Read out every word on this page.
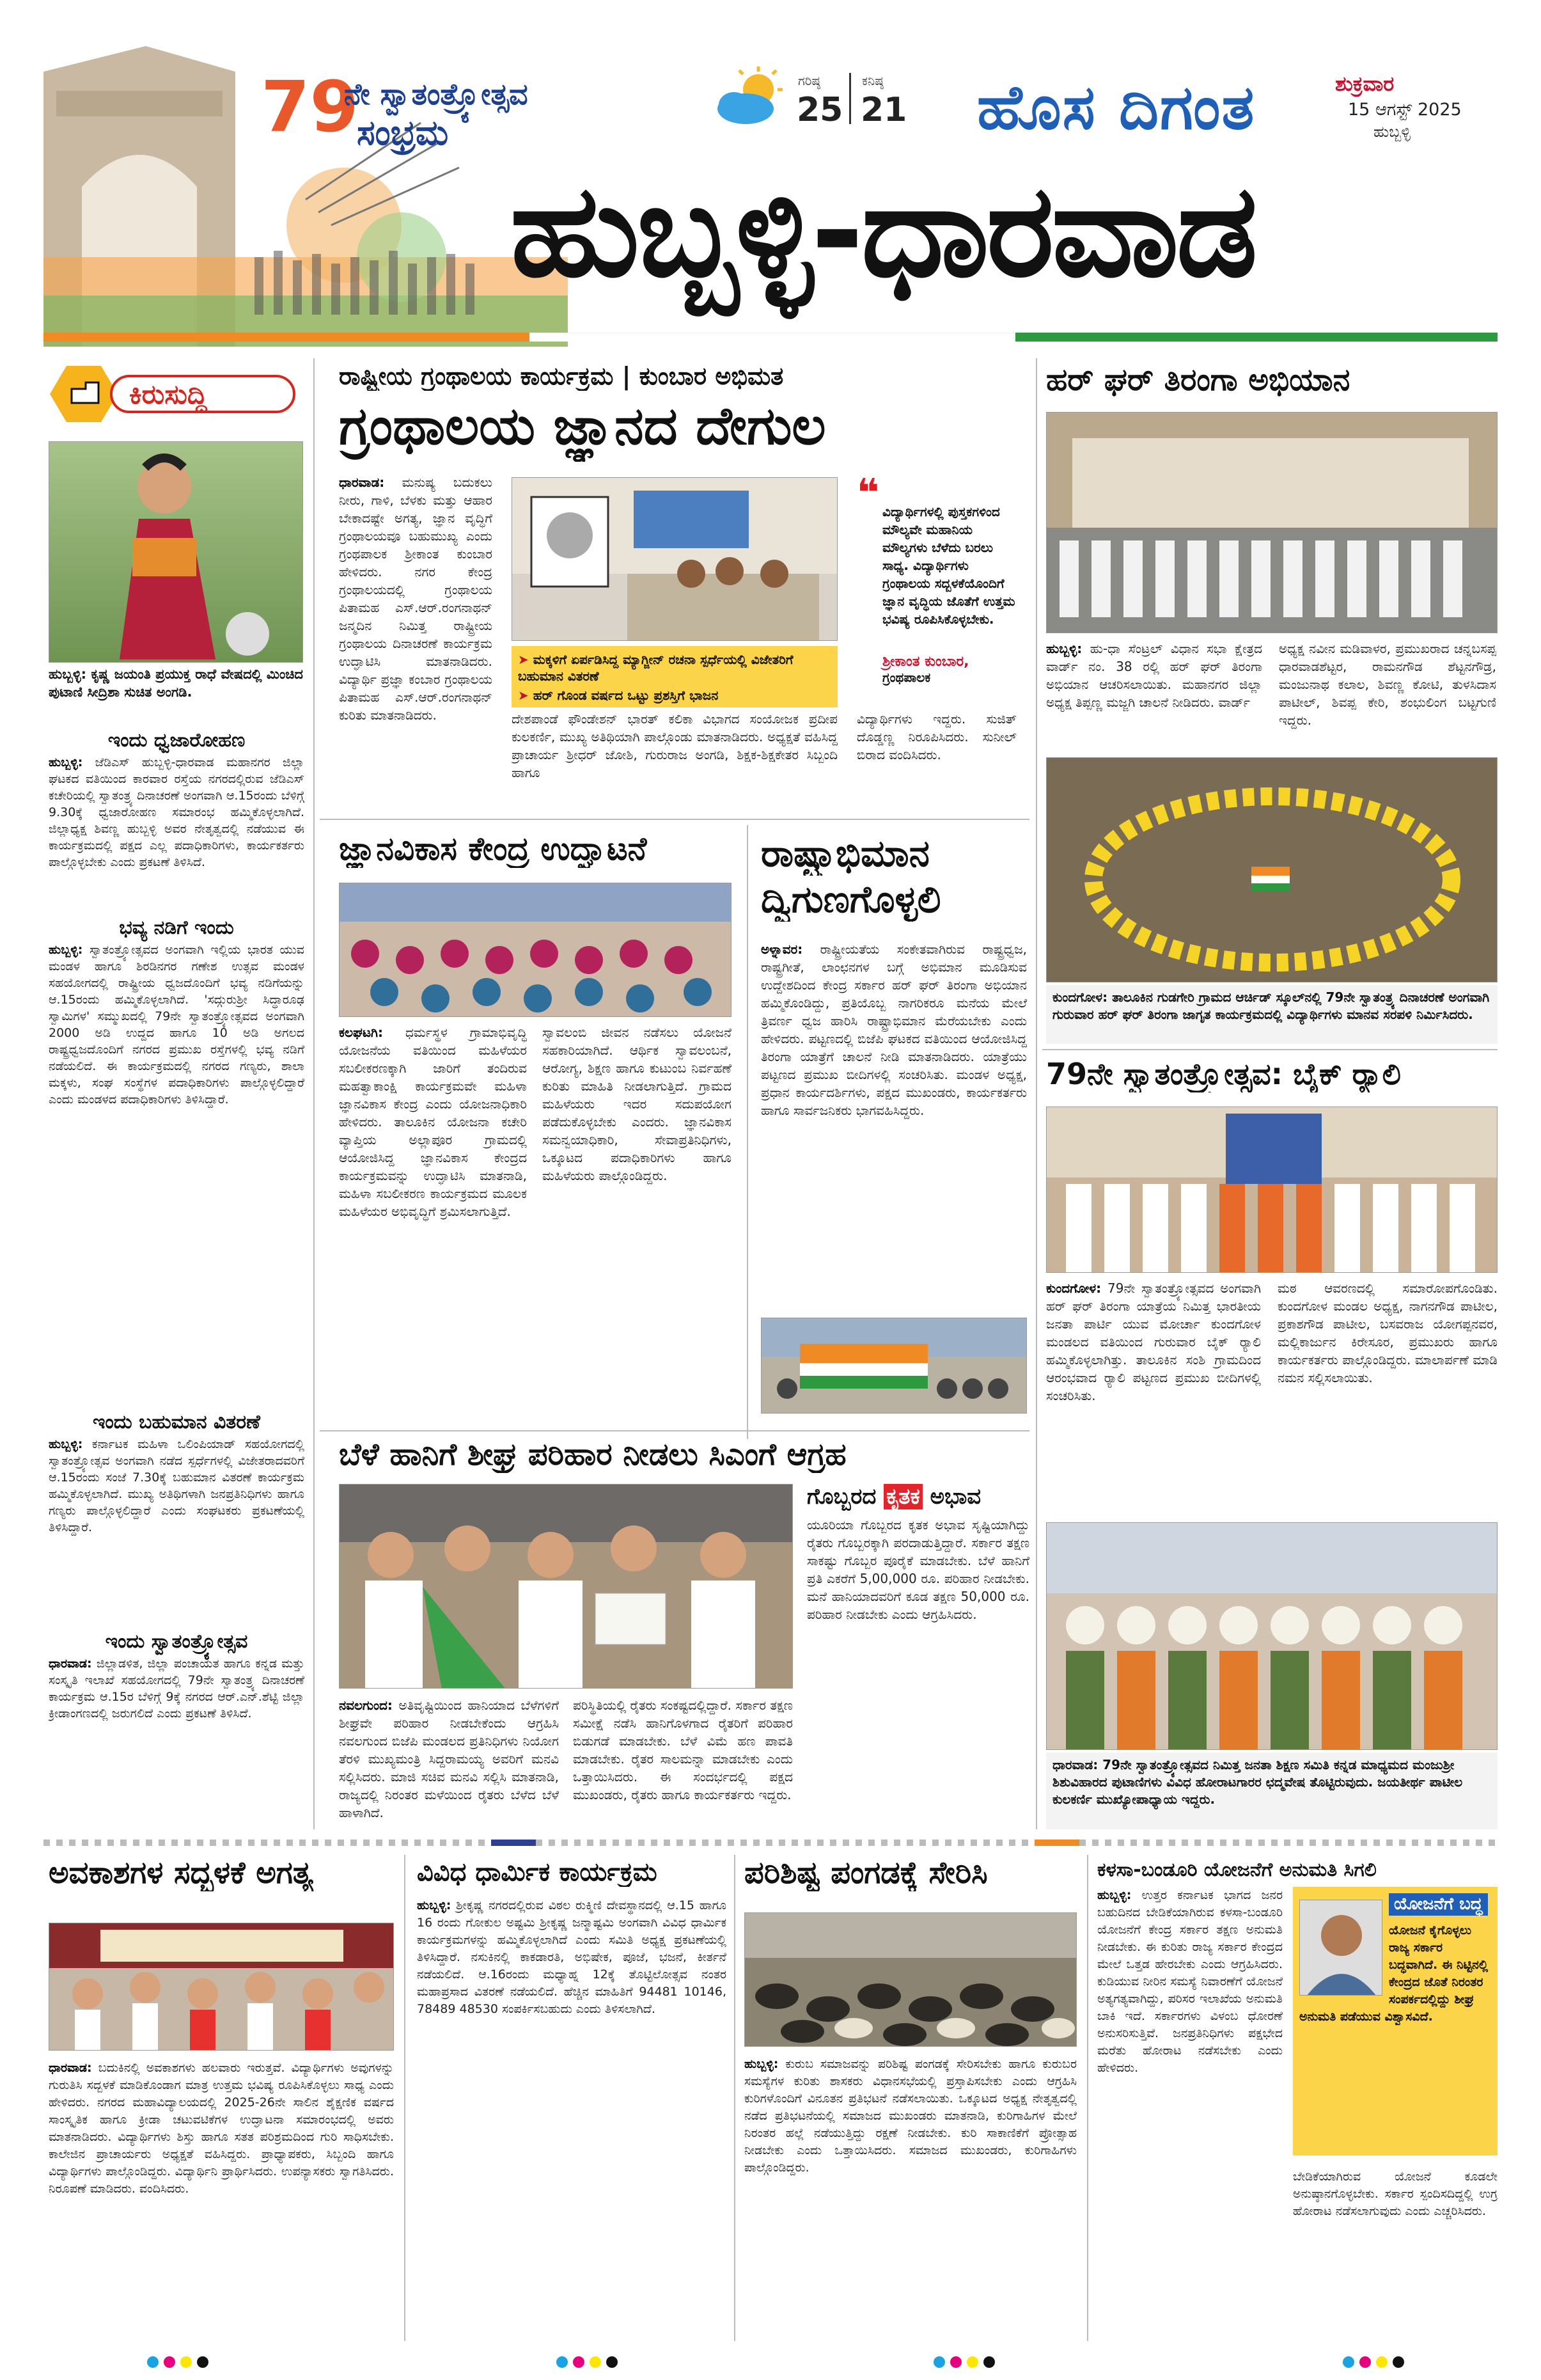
79
ನೇ ಸ್ವಾತಂತ್ರ್ಯೋತ್ಸವ
ಸಂಭ್ರಮ
ಗರಿಷ್ಠ
25
ಕನಿಷ್ಠ
21 ಹೊಸ ದಿಗಂತ	ಶುಕ್ರವಾರ
15 ಆಗಸ್ಟ್ 2025
ಹುಬ್ಬಳ್ಳಿ
ಹುಬ್ಬಳ್ಳಿ-ಧಾರವಾಡ
ಕಿರುಸುದ್ದಿ
ಹುಬ್ಬಳ್ಳಿ: ಕೃಷ್ಣ ಜಯಂತಿ ಪ್ರಯುಕ್ತ ರಾಧೆ ವೇಷದಲ್ಲಿ ಮಿಂಚಿದ ಪುಟಾಣಿ ಸೀದ್ರಿಶಾ ಸುಚಿತ ಅಂಗಡಿ.
ಇಂದು ಧ್ವಜಾರೋಹಣ
ಹುಬ್ಬಳ್ಳಿ: ಜೆಡಿಎಸ್ ಹುಬ್ಬಳ್ಳಿ-ಧಾರವಾಡ ಮಹಾನಗರ ಜಿಲ್ಲಾ ಘಟಕದ ವತಿಯಿಂದ ಕಾರವಾರ ರಸ್ತೆಯ ನಗರದಲ್ಲಿರುವ ಜೆಡಿಎಸ್ ಕಚೇರಿಯಲ್ಲಿ ಸ್ವಾತಂತ್ರ್ಯ ದಿನಾಚರಣೆ ಅಂಗವಾಗಿ ಆ.15ರಂದು ಬೆಳಿಗ್ಗೆ 9.30ಕ್ಕೆ ಧ್ವಜಾರೋಹಣ ಸಮಾರಂಭ ಹಮ್ಮಿಕೊಳ್ಳಲಾಗಿದೆ. ಜಿಲ್ಲಾಧ್ಯಕ್ಷ ಶಿವಣ್ಣ ಹುಬ್ಬಳ್ಳಿ ಅವರ ನೇತೃತ್ವದಲ್ಲಿ ನಡೆಯುವ ಈ ಕಾರ್ಯಕ್ರಮದಲ್ಲಿ ಪಕ್ಷದ ಎಲ್ಲ ಪದಾಧಿಕಾರಿಗಳು, ಕಾರ್ಯಕರ್ತರು ಪಾಲ್ಗೊಳ್ಳಬೇಕು ಎಂದು ಪ್ರಕಟಣೆ ತಿಳಿಸಿದೆ.
ಭವ್ಯ ನಡಿಗೆ ಇಂದು
ಹುಬ್ಬಳ್ಳಿ: ಸ್ವಾತಂತ್ರ್ಯೋತ್ಸವದ ಅಂಗವಾಗಿ ಇಲ್ಲಿಯ ಭಾರತ ಯುವ ಮಂಡಳ ಹಾಗೂ ಶಿರಡಿನಗರ ಗಣೇಶ ಉತ್ಸವ ಮಂಡಳ ಸಹಯೋಗದಲ್ಲಿ ರಾಷ್ಟ್ರೀಯ ಧ್ವಜದೊಂದಿಗೆ ಭವ್ಯ ನಡಿಗೆಯನ್ನು ಆ.15ರಂದು ಹಮ್ಮಿಕೊಳ್ಳಲಾಗಿದೆ. 'ಸದ್ಗುರುಶ್ರೀ ಸಿದ್ಧಾರೂಢ ಸ್ವಾಮಿಗಳ' ಸಮ್ಮುಖದಲ್ಲಿ 79ನೇ ಸ್ವಾತಂತ್ರ್ಯೋತ್ಸವದ ಅಂಗವಾಗಿ 2000 ಅಡಿ ಉದ್ದದ ಹಾಗೂ 10 ಅಡಿ ಅಗಲದ ರಾಷ್ಟ್ರಧ್ವಜದೊಂದಿಗೆ ನಗರದ ಪ್ರಮುಖ ರಸ್ತೆಗಳಲ್ಲಿ ಭವ್ಯ ನಡಿಗೆ ನಡೆಯಲಿದೆ. ಈ ಕಾರ್ಯಕ್ರಮದಲ್ಲಿ ನಗರದ ಗಣ್ಯರು, ಶಾಲಾ ಮಕ್ಕಳು, ಸಂಘ ಸಂಸ್ಥೆಗಳ ಪದಾಧಿಕಾರಿಗಳು ಪಾಲ್ಗೊಳ್ಳಲಿದ್ದಾರೆ ಎಂದು ಮಂಡಳದ ಪದಾಧಿಕಾರಿಗಳು ತಿಳಿಸಿದ್ದಾರೆ.
ಇಂದು ಬಹುಮಾನ ವಿತರಣೆ
ಹುಬ್ಬಳ್ಳಿ: ಕರ್ನಾಟಕ ಮಹಿಳಾ ಒಲಿಂಪಿಯಾಡ್ ಸಹಯೋಗದಲ್ಲಿ ಸ್ವಾತಂತ್ರ್ಯೋತ್ಸವ ಅಂಗವಾಗಿ ನಡೆದ ಸ್ಪರ್ಧೆಗಳಲ್ಲಿ ವಿಜೇತರಾದವರಿಗೆ ಆ.15ರಂದು ಸಂಜೆ 7.30ಕ್ಕೆ ಬಹುಮಾನ ವಿತರಣೆ ಕಾರ್ಯಕ್ರಮ ಹಮ್ಮಿಕೊಳ್ಳಲಾಗಿದೆ. ಮುಖ್ಯ ಅತಿಥಿಗಳಾಗಿ ಜನಪ್ರತಿನಿಧಿಗಳು ಹಾಗೂ ಗಣ್ಯರು ಪಾಲ್ಗೊಳ್ಳಲಿದ್ದಾರೆ ಎಂದು ಸಂಘಟಕರು ಪ್ರಕಟಣೆಯಲ್ಲಿ ತಿಳಿಸಿದ್ದಾರೆ.
ಇಂದು ಸ್ವಾತಂತ್ರ್ಯೋತ್ಸವ
ಧಾರವಾಡ: ಜಿಲ್ಲಾಡಳಿತ, ಜಿಲ್ಲಾ ಪಂಚಾಯತ ಹಾಗೂ ಕನ್ನಡ ಮತ್ತು ಸಂಸ್ಕೃತಿ ಇಲಾಖೆ ಸಹಯೋಗದಲ್ಲಿ 79ನೇ ಸ್ವಾತಂತ್ರ್ಯ ದಿನಾಚರಣೆ ಕಾರ್ಯಕ್ರಮ ಆ.15ರ ಬೆಳಿಗ್ಗೆ 9ಕ್ಕೆ ನಗರದ ಆರ್.ಎನ್.ಶೆಟ್ಟಿ ಜಿಲ್ಲಾ ಕ್ರೀಡಾಂಗಣದಲ್ಲಿ ಜರುಗಲಿದೆ ಎಂದು ಪ್ರಕಟಣೆ ತಿಳಿಸಿದೆ.
ರಾಷ್ಟ್ರೀಯ ಗ್ರಂಥಾಲಯ ಕಾರ್ಯಕ್ರಮ | ಕುಂಬಾರ ಅಭಿಮತ
ಗ್ರಂಥಾಲಯ ಜ್ಞಾನದ ದೇಗುಲ
ಧಾರವಾಡ: ಮನುಷ್ಯ ಬದುಕಲು ನೀರು, ಗಾಳಿ, ಬೆಳಕು ಮತ್ತು ಆಹಾರ ಬೇಕಾದಷ್ಟೇ ಅಗತ್ಯ, ಜ್ಞಾನ ವೃದ್ಧಿಗೆ ಗ್ರಂಥಾಲಯವೂ ಬಹುಮುಖ್ಯ ಎಂದು ಗ್ರಂಥಪಾಲಕ ಶ್ರೀಕಾಂತ ಕುಂಬಾರ ಹೇಳಿದರು. ನಗರ ಕೇಂದ್ರ ಗ್ರಂಥಾಲಯದಲ್ಲಿ ಗ್ರಂಥಾಲಯ ಪಿತಾಮಹ ಎಸ್.ಆರ್.ರಂಗನಾಥನ್ ಜನ್ಮದಿನ ನಿಮಿತ್ತ ರಾಷ್ಟ್ರೀಯ ಗ್ರಂಥಾಲಯ ದಿನಾಚರಣೆ ಕಾರ್ಯಕ್ರಮ ಉದ್ಘಾಟಿಸಿ ಮಾತನಾಡಿದರು. ವಿದ್ಯಾರ್ಥಿ ಪ್ರಜ್ಞಾ ಕಂಬಾರ ಗ್ರಂಥಾಲಯ ಪಿತಾಮಹ ಎಸ್.ಆರ್.ರಂಗನಾಥನ್ ಕುರಿತು ಮಾತನಾಡಿದರು.
➤ ಮಕ್ಕಳಿಗೆ ಏರ್ಪಡಿಸಿದ್ದ ಮ್ಯಾಗ್ಜೀನ್ ರಚನಾ ಸ್ಪರ್ಧೆಯಲ್ಲಿ ವಿಜೇತರಿಗೆ ಬಹುಮಾನ ವಿತರಣೆ
➤ ಹರ್ ಗೊಂಡ ವರ್ಷದ ಒಟ್ಟು ಪ್ರಶಸ್ತಿಗೆ ಭಾಜನ
❝ ವಿದ್ಯಾರ್ಥಿಗಳಲ್ಲಿ ಪುಸ್ತಕಗಳಿಂದ ಮೌಲ್ಯವೇ ಮಹಾನಿಯ ಮೌಲ್ಯಗಳು ಬೆಳೆದು ಬರಲು ಸಾಧ್ಯ. ವಿದ್ಯಾರ್ಥಿಗಳು ಗ್ರಂಥಾಲಯ ಸದ್ಬಳಕೆಯೊಂದಿಗೆ ಜ್ಞಾನ ವೃದ್ಧಿಯ ಜೊತೆಗೆ ಉತ್ತಮ ಭವಿಷ್ಯ ರೂಪಿಸಿಕೊಳ್ಳಬೇಕು.
ಶ್ರೀಕಾಂತ ಕುಂಬಾರ,
ಗ್ರಂಥಪಾಲಕ
ದೇಶಪಾಂಡೆ ಫೌಂಡೇಶನ್ ಭಾರತ್ ಕಲಿಕಾ ವಿಭಾಗದ ಸಂಯೋಜಕ ಪ್ರದೀಪ ಕುಲಕರ್ಣಿ, ಮುಖ್ಯ ಅತಿಥಿಯಾಗಿ ಪಾಲ್ಗೊಂಡು ಮಾತನಾಡಿದರು. ಅಧ್ಯಕ್ಷತೆ ವಹಿಸಿದ್ದ ಪ್ರಾಚಾರ್ಯ ಶ್ರೀಧರ್ ಜೋಶಿ, ಗುರುರಾಜ ಅಂಗಡಿ, ಶಿಕ್ಷಕ-ಶಿಕ್ಷಕೇತರ ಸಿಬ್ಬಂದಿ ಹಾಗೂ
ವಿದ್ಯಾರ್ಥಿಗಳು ಇದ್ದರು. ಸುಜಿತ್ ದೊಡ್ಡಣ್ಣ ನಿರೂಪಿಸಿದರು. ಸುನೀಲ್ ಬಿರಾದ ವಂದಿಸಿದರು.
ಜ್ಞಾನವಿಕಾಸ ಕೇಂದ್ರ ಉದ್ಘಾಟನೆ
ಕಲಘಟಗಿ: ಧರ್ಮಸ್ಥಳ ಗ್ರಾಮಾಭಿವೃದ್ಧಿ ಯೋಜನೆಯ ವತಿಯಿಂದ ಮಹಿಳೆಯರ ಸಬಲೀಕರಣಕ್ಕಾಗಿ ಜಾರಿಗೆ ತಂದಿರುವ ಮಹತ್ವಾಕಾಂಕ್ಷಿ ಕಾರ್ಯಕ್ರಮವೇ ಮಹಿಳಾ ಜ್ಞಾನವಿಕಾಸ ಕೇಂದ್ರ ಎಂದು ಯೋಜನಾಧಿಕಾರಿ ಹೇಳಿದರು. ತಾಲೂಕಿನ ಯೋಜನಾ ಕಚೇರಿ ವ್ಯಾಪ್ತಿಯ ಅಲ್ಲಾಪೂರ ಗ್ರಾಮದಲ್ಲಿ ಆಯೋಜಿಸಿದ್ದ ಜ್ಞಾನವಿಕಾಸ ಕೇಂದ್ರದ ಕಾರ್ಯಕ್ರಮವನ್ನು ಉದ್ಘಾಟಿಸಿ ಮಾತನಾಡಿ, ಮಹಿಳಾ ಸಬಲೀಕರಣ ಕಾರ್ಯಕ್ರಮದ ಮೂಲಕ ಮಹಿಳೆಯರ ಅಭಿವೃದ್ಧಿಗೆ ಶ್ರಮಿಸಲಾಗುತ್ತಿದೆ.
ಸ್ವಾವಲಂಬಿ ಜೀವನ ನಡೆಸಲು ಯೋಜನೆ ಸಹಕಾರಿಯಾಗಿದೆ. ಆರ್ಥಿಕ ಸ್ವಾವಲಂಬನೆ, ಆರೋಗ್ಯ, ಶಿಕ್ಷಣ ಹಾಗೂ ಕುಟುಂಬ ನಿರ್ವಹಣೆ ಕುರಿತು ಮಾಹಿತಿ ನೀಡಲಾಗುತ್ತಿದೆ. ಗ್ರಾಮದ ಮಹಿಳೆಯರು ಇದರ ಸದುಪಯೋಗ ಪಡೆದುಕೊಳ್ಳಬೇಕು ಎಂದರು. ಜ್ಞಾನವಿಕಾಸ ಸಮನ್ವಯಾಧಿಕಾರಿ, ಸೇವಾಪ್ರತಿನಿಧಿಗಳು, ಒಕ್ಕೂಟದ ಪದಾಧಿಕಾರಿಗಳು ಹಾಗೂ ಮಹಿಳೆಯರು ಪಾಲ್ಗೊಂಡಿದ್ದರು.
ರಾಷ್ಟ್ರಾಭಿಮಾನ
ದ್ವಿಗುಣಗೊಳ್ಳಲಿ
ಅಳ್ನಾವರ: ರಾಷ್ಟ್ರೀಯತೆಯ ಸಂಕೇತವಾಗಿರುವ ರಾಷ್ಟ್ರಧ್ವಜ, ರಾಷ್ಟ್ರಗೀತೆ, ಲಾಂಛನಗಳ ಬಗ್ಗೆ ಅಭಿಮಾನ ಮೂಡಿಸುವ ಉದ್ದೇಶದಿಂದ ಕೇಂದ್ರ ಸರ್ಕಾರ ಹರ್ ಘರ್ ತಿರಂಗಾ ಅಭಿಯಾನ ಹಮ್ಮಿಕೊಂಡಿದ್ದು, ಪ್ರತಿಯೊಬ್ಬ ನಾಗರಿಕರೂ ಮನೆಯ ಮೇಲೆ ತ್ರಿವರ್ಣ ಧ್ವಜ ಹಾರಿಸಿ ರಾಷ್ಟ್ರಾಭಿಮಾನ ಮೆರೆಯಬೇಕು ಎಂದು ಹೇಳಿದರು. ಪಟ್ಟಣದಲ್ಲಿ ಬಿಜೆಪಿ ಘಟಕದ ವತಿಯಿಂದ ಆಯೋಜಿಸಿದ್ದ ತಿರಂಗಾ ಯಾತ್ರೆಗೆ ಚಾಲನೆ ನೀಡಿ ಮಾತನಾಡಿದರು. ಯಾತ್ರೆಯು ಪಟ್ಟಣದ ಪ್ರಮುಖ ಬೀದಿಗಳಲ್ಲಿ ಸಂಚರಿಸಿತು. ಮಂಡಳ ಅಧ್ಯಕ್ಷ, ಪ್ರಧಾನ ಕಾರ್ಯದರ್ಶಿಗಳು, ಪಕ್ಷದ ಮುಖಂಡರು, ಕಾರ್ಯಕರ್ತರು ಹಾಗೂ ಸಾರ್ವಜನಿಕರು ಭಾಗವಹಿಸಿದ್ದರು.
ಹರ್ ಘರ್ ತಿರಂಗಾ ಅಭಿಯಾನ
ಹುಬ್ಬಳ್ಳಿ: ಹು-ಧಾ ಸೆಂಟ್ರಲ್ ವಿಧಾನ ಸಭಾ ಕ್ಷೇತ್ರದ ವಾರ್ಡ್ ನಂ. 38 ರಲ್ಲಿ ಹರ್ ಘರ್ ತಿರಂಗಾ ಅಭಿಯಾನ ಆಚರಿಸಲಾಯಿತು. ಮಹಾನಗರ ಜಿಲ್ಲಾ ಅಧ್ಯಕ್ಷ ತಿಪ್ಪಣ್ಣ ಮಜ್ಜಗಿ ಚಾಲನೆ ನೀಡಿದರು. ವಾರ್ಡ್
ಅಧ್ಯಕ್ಷ ನವೀನ ಮಡಿವಾಳರ, ಪ್ರಮುಖರಾದ ಚನ್ನಬಸಪ್ಪ ಧಾರವಾಡಶೆಟ್ಟರ, ರಾಮನಗೌಡ ಶೆಟ್ಟನಗೌಡ್ರ, ಮಂಜುನಾಥ ಕಲಾಲ, ಶಿವಣ್ಣ ಕೋಟಿ, ತುಳಸಿದಾಸ ಪಾಟೀಲ್, ಶಿವಪ್ಪ ಕೇರಿ, ಶಂಭುಲಿಂಗ ಬಟ್ಟಗುಣಿ ಇದ್ದರು.
ಕುಂದಗೋಳ: ತಾಲೂಕಿನ ಗುಡಗೇರಿ ಗ್ರಾಮದ ಆರ್ಚಿಡ್ ಸ್ಕೂಲ್‌ನಲ್ಲಿ 79ನೇ ಸ್ವಾತಂತ್ರ್ಯ ದಿನಾಚರಣೆ ಅಂಗವಾಗಿ ಗುರುವಾರ ಹರ್ ಘರ್ ತಿರಂಗಾ ಜಾಗೃತ ಕಾರ್ಯಕ್ರಮದಲ್ಲಿ ವಿದ್ಯಾರ್ಥಿಗಳು ಮಾನವ ಸರಪಳಿ ನಿರ್ಮಿಸಿದರು.
79ನೇ ಸ್ವಾತಂತ್ರ್ಯೋತ್ಸವ: ಬೈಕ್ ರ‍್ಯಾಲಿ
ಕುಂದಗೋಳ: 79ನೇ ಸ್ವಾತಂತ್ರ್ಯೋತ್ಸವದ ಅಂಗವಾಗಿ ಹರ್ ಘರ್ ತಿರಂಗಾ ಯಾತ್ರೆಯ ನಿಮಿತ್ತ ಭಾರತೀಯ ಜನತಾ ಪಾರ್ಟಿ ಯುವ ಮೋರ್ಚಾ ಕುಂದಗೋಳ ಮಂಡಲದ ವತಿಯಿಂದ ಗುರುವಾರ ಬೈಕ್ ರ‍್ಯಾಲಿ ಹಮ್ಮಿಕೊಳ್ಳಲಾಗಿತ್ತು. ತಾಲೂಕಿನ ಸಂಶಿ ಗ್ರಾಮದಿಂದ ಆರಂಭವಾದ ರ‍್ಯಾಲಿ ಪಟ್ಟಣದ ಪ್ರಮುಖ ಬೀದಿಗಳಲ್ಲಿ ಸಂಚರಿಸಿತು.
ಮಠ ಆವರಣದಲ್ಲಿ ಸಮಾರೋಪಗೊಂಡಿತು. ಕುಂದಗೋಳ ಮಂಡಲ ಅಧ್ಯಕ್ಷ, ನಾಗನಗೌಡ ಪಾಟೀಲ, ಪ್ರಕಾಶಗೌಡ ಪಾಟೀಲ, ಬಸವರಾಜ ಯೋಗಪ್ಪನವರ, ಮಲ್ಲಿಕಾರ್ಜುನ ಕಿರೇಸೂರ, ಪ್ರಮುಖರು ಹಾಗೂ ಕಾರ್ಯಕರ್ತರು ಪಾಲ್ಗೊಂಡಿದ್ದರು. ಮಾಲಾರ್ಪಣೆ ಮಾಡಿ ನಮನ ಸಲ್ಲಿಸಲಾಯಿತು.
ಧಾರವಾಡ: 79ನೇ ಸ್ವಾತಂತ್ರ್ಯೋತ್ಸವದ ನಿಮಿತ್ತ ಜನತಾ ಶಿಕ್ಷಣ ಸಮಿತಿ ಕನ್ನಡ ಮಾಧ್ಯಮದ ಮಂಜುಶ್ರೀ ಶಿಶುವಿಹಾರದ ಪುಟಾಣಿಗಳು ವಿವಿಧ ಹೋರಾಟಗಾರರ ಛದ್ಮವೇಷ ತೊಟ್ಟಿರುವುದು. ಜಯತೀರ್ಥ ಪಾಟೀಲ ಕುಲಕರ್ಣಿ ಮುಖ್ಯೋಪಾಧ್ಯಾಯ ಇದ್ದರು.
ಬೆಳೆ ಹಾನಿಗೆ ಶೀಘ್ರ ಪರಿಹಾರ ನೀಡಲು ಸಿಎಂಗೆ ಆಗ್ರಹ
ಗೊಬ್ಬರದ ಕೃತಕ ಅಭಾವ
ಯೂರಿಯಾ ಗೊಬ್ಬರದ ಕೃತಕ ಅಭಾವ ಸೃಷ್ಟಿಯಾಗಿದ್ದು ರೈತರು ಗೊಬ್ಬರಕ್ಕಾಗಿ ಪರದಾಡುತ್ತಿದ್ದಾರೆ. ಸರ್ಕಾರ ತಕ್ಷಣ ಸಾಕಷ್ಟು ಗೊಬ್ಬರ ಪೂರೈಕೆ ಮಾಡಬೇಕು. ಬೆಳೆ ಹಾನಿಗೆ ಪ್ರತಿ ಎಕರೆಗೆ 5,00,000 ರೂ. ಪರಿಹಾರ ನೀಡಬೇಕು. ಮನೆ ಹಾನಿಯಾದವರಿಗೆ ಕೂಡ ತಕ್ಷಣ 50,000 ರೂ. ಪರಿಹಾರ ನೀಡಬೇಕು ಎಂದು ಆಗ್ರಹಿಸಿದರು.
ನವಲಗುಂದ: ಅತಿವೃಷ್ಟಿಯಿಂದ ಹಾನಿಯಾದ ಬೆಳೆಗಳಿಗೆ ಶೀಘ್ರವೇ ಪರಿಹಾರ ನೀಡಬೇಕೆಂದು ಆಗ್ರಹಿಸಿ ನವಲಗುಂದ ಬಿಜೆಪಿ ಮಂಡಲದ ಪ್ರತಿನಿಧಿಗಳು ನಿಯೋಗ ತೆರಳಿ ಮುಖ್ಯಮಂತ್ರಿ ಸಿದ್ದರಾಮಯ್ಯ ಅವರಿಗೆ ಮನವಿ ಸಲ್ಲಿಸಿದರು. ಮಾಜಿ ಸಚಿವ ಮನವಿ ಸಲ್ಲಿಸಿ ಮಾತನಾಡಿ, ರಾಜ್ಯದಲ್ಲಿ ನಿರಂತರ ಮಳೆಯಿಂದ ರೈತರು ಬೆಳೆದ ಬೆಳೆ ಹಾಳಾಗಿದೆ.
ಪರಿಸ್ಥಿತಿಯಲ್ಲಿ ರೈತರು ಸಂಕಷ್ಟದಲ್ಲಿದ್ದಾರೆ. ಸರ್ಕಾರ ತಕ್ಷಣ ಸಮೀಕ್ಷೆ ನಡೆಸಿ ಹಾನಿಗೊಳಗಾದ ರೈತರಿಗೆ ಪರಿಹಾರ ಬಿಡುಗಡೆ ಮಾಡಬೇಕು. ಬೆಳೆ ವಿಮೆ ಹಣ ಪಾವತಿ ಮಾಡಬೇಕು. ರೈತರ ಸಾಲಮನ್ನಾ ಮಾಡಬೇಕು ಎಂದು ಒತ್ತಾಯಿಸಿದರು. ಈ ಸಂದರ್ಭದಲ್ಲಿ ಪಕ್ಷದ ಮುಖಂಡರು, ರೈತರು ಹಾಗೂ ಕಾರ್ಯಕರ್ತರು ಇದ್ದರು.
ಅವಕಾಶಗಳ ಸದ್ಬಳಕೆ ಅಗತ್ಯ
ಧಾರವಾಡ: ಬದುಕಿನಲ್ಲಿ ಅವಕಾಶಗಳು ಹಲವಾರು ಇರುತ್ತವೆ. ವಿದ್ಯಾರ್ಥಿಗಳು ಅವುಗಳನ್ನು ಗುರುತಿಸಿ ಸದ್ಬಳಕೆ ಮಾಡಿಕೊಂಡಾಗ ಮಾತ್ರ ಉತ್ತಮ ಭವಿಷ್ಯ ರೂಪಿಸಿಕೊಳ್ಳಲು ಸಾಧ್ಯ ಎಂದು ಹೇಳಿದರು. ನಗರದ ಮಹಾವಿದ್ಯಾಲಯದಲ್ಲಿ 2025-26ನೇ ಸಾಲಿನ ಶೈಕ್ಷಣಿಕ ವರ್ಷದ ಸಾಂಸ್ಕೃತಿಕ ಹಾಗೂ ಕ್ರೀಡಾ ಚಟುವಟಿಕೆಗಳ ಉದ್ಘಾಟನಾ ಸಮಾರಂಭದಲ್ಲಿ ಅವರು ಮಾತನಾಡಿದರು. ವಿದ್ಯಾರ್ಥಿಗಳು ಶಿಸ್ತು ಹಾಗೂ ಸತತ ಪರಿಶ್ರಮದಿಂದ ಗುರಿ ಸಾಧಿಸಬೇಕು. ಕಾಲೇಜಿನ ಪ್ರಾಚಾರ್ಯರು ಅಧ್ಯಕ್ಷತೆ ವಹಿಸಿದ್ದರು. ಪ್ರಾಧ್ಯಾಪಕರು, ಸಿಬ್ಬಂದಿ ಹಾಗೂ ವಿದ್ಯಾರ್ಥಿಗಳು ಪಾಲ್ಗೊಂಡಿದ್ದರು. ವಿದ್ಯಾರ್ಥಿನಿ ಪ್ರಾರ್ಥಿಸಿದರು. ಉಪನ್ಯಾಸಕರು ಸ್ವಾಗತಿಸಿದರು. ನಿರೂಪಣೆ ಮಾಡಿದರು. ವಂದಿಸಿದರು.
ವಿವಿಧ ಧಾರ್ಮಿಕ ಕಾರ್ಯಕ್ರಮ
ಹುಬ್ಬಳ್ಳಿ: ಶ್ರೀಕೃಷ್ಣ ನಗರದಲ್ಲಿರುವ ವಿಠಲ ರುಕ್ಮಿಣಿ ದೇವಸ್ಥಾನದಲ್ಲಿ ಆ.15 ಹಾಗೂ 16 ರಂದು ಗೋಕುಲ ಅಷ್ಟಮಿ ಶ್ರೀಕೃಷ್ಣ ಜನ್ಮಾಷ್ಟಮಿ ಅಂಗವಾಗಿ ವಿವಿಧ ಧಾರ್ಮಿಕ ಕಾರ್ಯಕ್ರಮಗಳನ್ನು ಹಮ್ಮಿಕೊಳ್ಳಲಾಗಿದೆ ಎಂದು ಸಮಿತಿ ಅಧ್ಯಕ್ಷ ಪ್ರಕಟಣೆಯಲ್ಲಿ ತಿಳಿಸಿದ್ದಾರೆ. ನಸುಕಿನಲ್ಲಿ ಕಾಕಡಾರತಿ, ಅಭಿಷೇಕ, ಪೂಜೆ, ಭಜನೆ, ಕೀರ್ತನೆ ನಡೆಯಲಿದೆ. ಆ.16ರಂದು ಮಧ್ಯಾಹ್ನ 12ಕ್ಕೆ ತೊಟ್ಟಿಲೋತ್ಸವ ನಂತರ ಮಹಾಪ್ರಸಾದ ವಿತರಣೆ ನಡೆಯಲಿದೆ. ಹೆಚ್ಚಿನ ಮಾಹಿತಿಗೆ 94481 10146, 78489 48530 ಸಂಪರ್ಕಿಸಬಹುದು ಎಂದು ತಿಳಿಸಲಾಗಿದೆ.
ಪರಿಶಿಷ್ಟ ಪಂಗಡಕ್ಕೆ ಸೇರಿಸಿ
ಹುಬ್ಬಳ್ಳಿ: ಕುರುಬ ಸಮಾಜವನ್ನು ಪರಿಶಿಷ್ಟ ಪಂಗಡಕ್ಕೆ ಸೇರಿಸಬೇಕು ಹಾಗೂ ಕುರುಬರ ಸಮಸ್ಯೆಗಳ ಕುರಿತು ಶಾಸಕರು ವಿಧಾನಸಭೆಯಲ್ಲಿ ಪ್ರಸ್ತಾಪಿಸಬೇಕು ಎಂದು ಆಗ್ರಹಿಸಿ ಕುರಿಗಳೊಂದಿಗೆ ವಿನೂತನ ಪ್ರತಿಭಟನೆ ನಡೆಸಲಾಯಿತು. ಒಕ್ಕೂಟದ ಅಧ್ಯಕ್ಷ ನೇತೃತ್ವದಲ್ಲಿ ನಡೆದ ಪ್ರತಿಭಟನೆಯಲ್ಲಿ ಸಮಾಜದ ಮುಖಂಡರು ಮಾತನಾಡಿ, ಕುರಿಗಾಹಿಗಳ ಮೇಲೆ ನಿರಂತರ ಹಲ್ಲೆ ನಡೆಯುತ್ತಿದ್ದು ರಕ್ಷಣೆ ನೀಡಬೇಕು. ಕುರಿ ಸಾಕಾಣಿಕೆಗೆ ಪ್ರೋತ್ಸಾಹ ನೀಡಬೇಕು ಎಂದು ಒತ್ತಾಯಿಸಿದರು. ಸಮಾಜದ ಮುಖಂಡರು, ಕುರಿಗಾಹಿಗಳು ಪಾಲ್ಗೊಂಡಿದ್ದರು.
ಕಳಸಾ-ಬಂಡೂರಿ ಯೋಜನೆಗೆ ಅನುಮತಿ ಸಿಗಲಿ
ಹುಬ್ಬಳ್ಳಿ: ಉತ್ತರ ಕರ್ನಾಟಕ ಭಾಗದ ಜನರ ಬಹುದಿನದ ಬೇಡಿಕೆಯಾಗಿರುವ ಕಳಸಾ-ಬಂಡೂರಿ ಯೋಜನೆಗೆ ಕೇಂದ್ರ ಸರ್ಕಾರ ತಕ್ಷಣ ಅನುಮತಿ ನೀಡಬೇಕು. ಈ ಕುರಿತು ರಾಜ್ಯ ಸರ್ಕಾರ ಕೇಂದ್ರದ ಮೇಲೆ ಒತ್ತಡ ಹೇರಬೇಕು ಎಂದು ಆಗ್ರಹಿಸಿದರು. ಕುಡಿಯುವ ನೀರಿನ ಸಮಸ್ಯೆ ನಿವಾರಣೆಗೆ ಯೋಜನೆ ಅತ್ಯಗತ್ಯವಾಗಿದ್ದು, ಪರಿಸರ ಇಲಾಖೆಯ ಅನುಮತಿ ಬಾಕಿ ಇದೆ. ಸರ್ಕಾರಗಳು ವಿಳಂಬ ಧೋರಣೆ ಅನುಸರಿಸುತ್ತಿವೆ. ಜನಪ್ರತಿನಿಧಿಗಳು ಪಕ್ಷಭೇದ ಮರೆತು ಹೋರಾಟ ನಡೆಸಬೇಕು ಎಂದು ಹೇಳಿದರು.
ಯೋಜನೆಗೆ ಬದ್ಧ
ಯೋಜನೆ ಕೈಗೊಳ್ಳಲು ರಾಜ್ಯ ಸರ್ಕಾರ ಬದ್ಧವಾಗಿದೆ. ಈ ನಿಟ್ಟಿನಲ್ಲಿ ಕೇಂದ್ರದ ಜೊತೆ ನಿರಂತರ ಸಂಪರ್ಕದಲ್ಲಿದ್ದು ಶೀಘ್ರ ಅನುಮತಿ ಪಡೆಯುವ ವಿಶ್ವಾಸವಿದೆ.
ಬೇಡಿಕೆಯಾಗಿರುವ ಯೋಜನೆ ಕೂಡಲೇ ಅನುಷ್ಠಾನಗೊಳ್ಳಬೇಕು. ಸರ್ಕಾರ ಸ್ಪಂದಿಸದಿದ್ದಲ್ಲಿ ಉಗ್ರ ಹೋರಾಟ ನಡೆಸಲಾಗುವುದು ಎಂದು ಎಚ್ಚರಿಸಿದರು.
